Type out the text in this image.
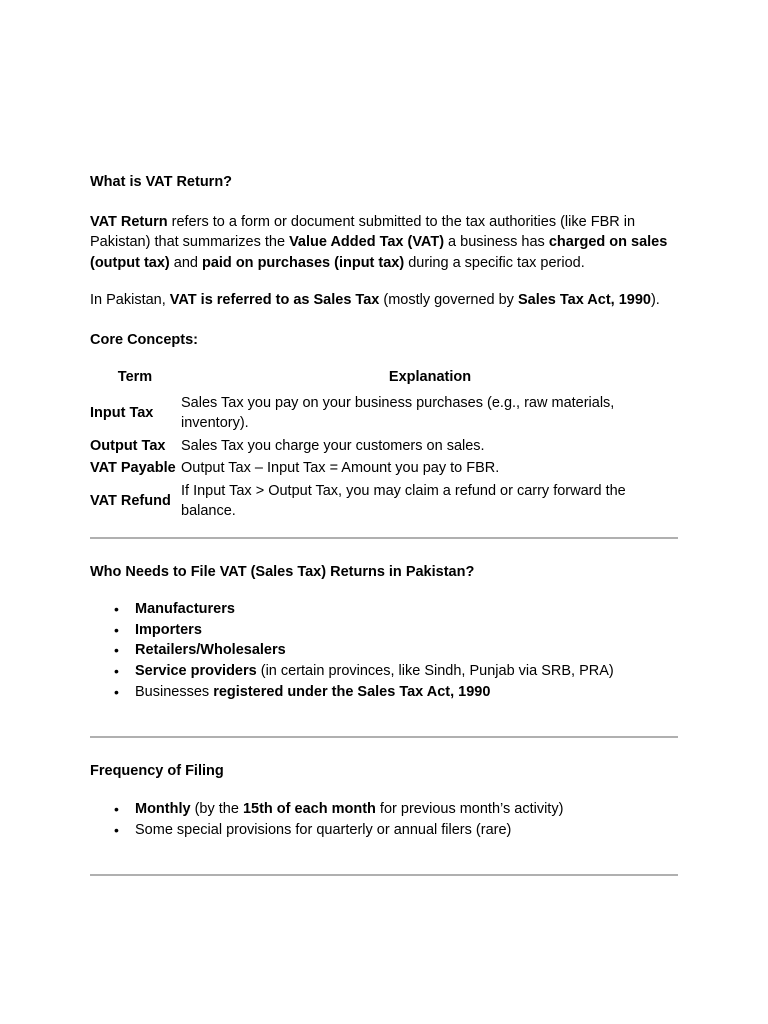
What is VAT Return?

VAT Return refers to a form or document submitted to the tax authorities (like FBR in Pakistan) that summarizes the Value Added Tax (VAT) a business has charged on sales (output tax) and paid on purchases (input tax) during a specific tax period.

In Pakistan, VAT is referred to as Sales Tax (mostly governed by Sales Tax Act, 1990).

Core Concepts:

Term	Explanation
Input Tax	Sales Tax you pay on your business purchases (e.g., raw materials, inventory).
Output Tax	Sales Tax you charge your customers on sales.
VAT Payable	Output Tax – Input Tax = Amount you pay to FBR.
VAT Refund	If Input Tax > Output Tax, you may claim a refund or carry forward the balance.

Who Needs to File VAT (Sales Tax) Returns in Pakistan?

• Manufacturers
• Importers
• Retailers/Wholesalers
• Service providers (in certain provinces, like Sindh, Punjab via SRB, PRA)
• Businesses registered under the Sales Tax Act, 1990

Frequency of Filing

• Monthly (by the 15th of each month for previous month’s activity)
• Some special provisions for quarterly or annual filers (rare)
